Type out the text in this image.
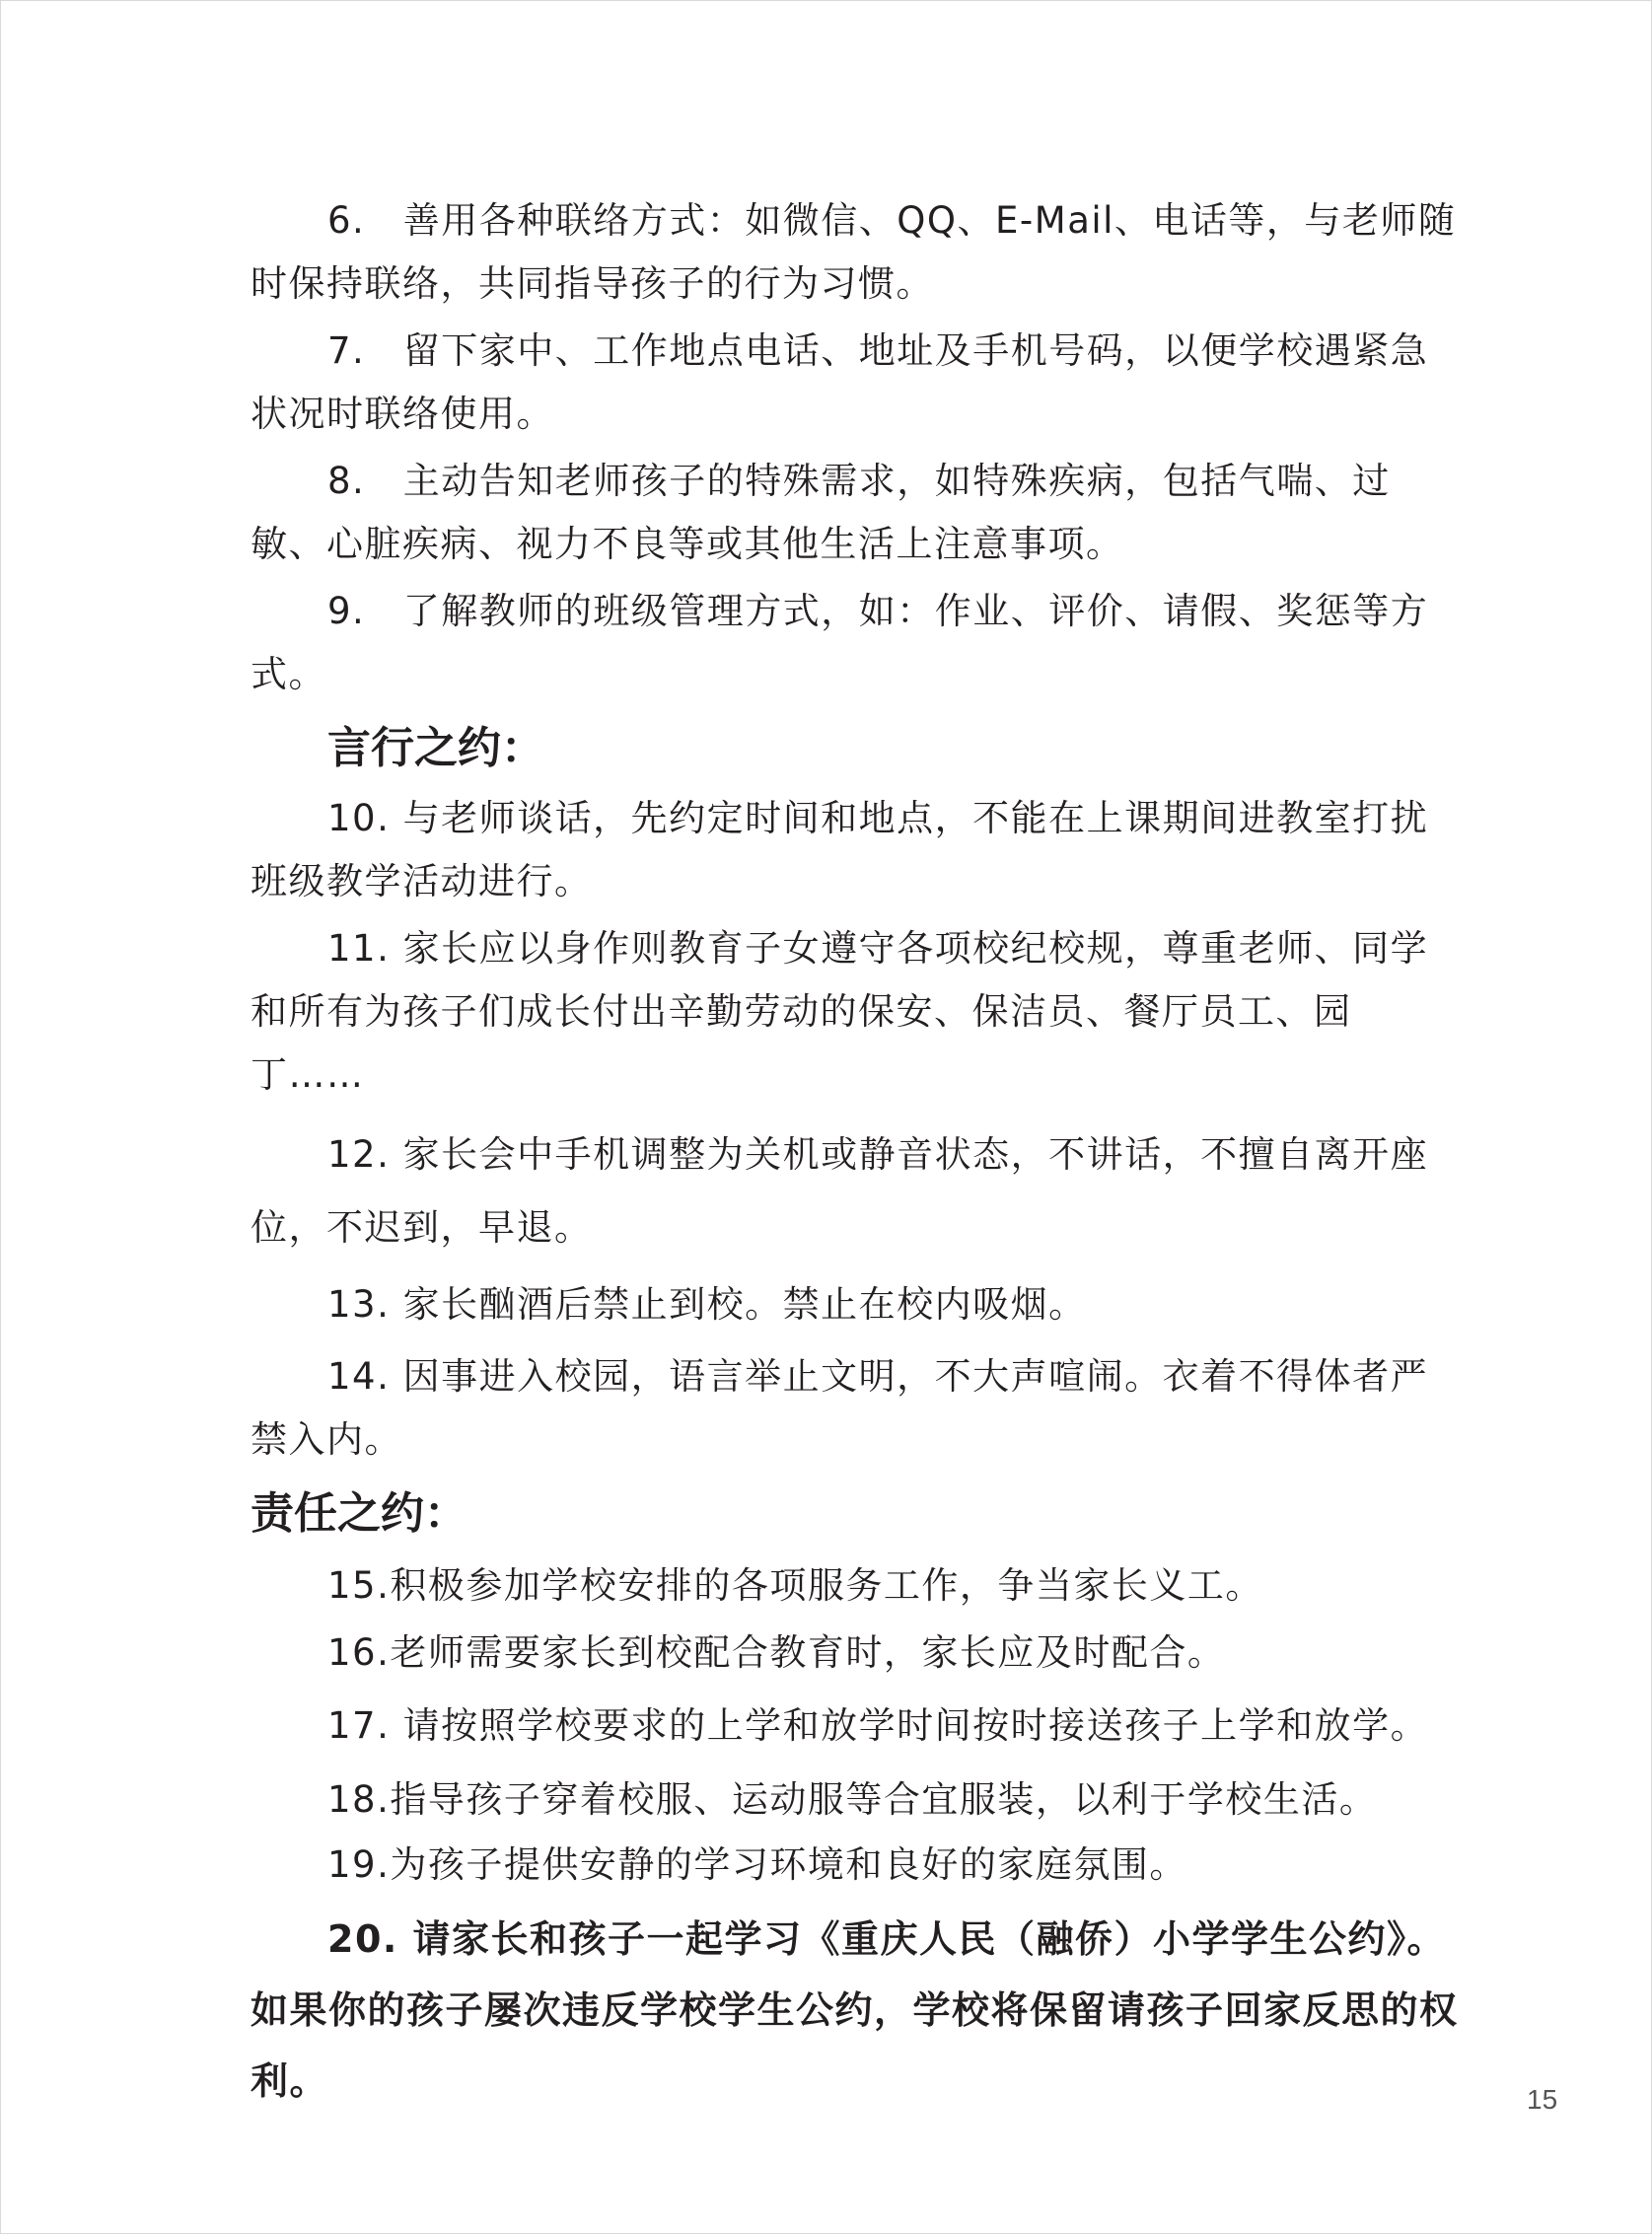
6.　善用各种联络方式：如微信、QQ、E-Mail、电话等，与老师随时保持联络，共同指导孩子的行为习惯。

7.　留下家中、工作地点电话、地址及手机号码，以便学校遇紧急状况时联络使用。

8.　主动告知老师孩子的特殊需求，如特殊疾病，包括气喘、过敏、心脏疾病、视力不良等或其他生活上注意事项。

9.　了解教师的班级管理方式，如：作业、评价、请假、奖惩等方式。

言行之约：

10. 与老师谈话，先约定时间和地点，不能在上课期间进教室打扰班级教学活动进行。

11. 家长应以身作则教育子女遵守各项校纪校规，尊重老师、同学和所有为孩子们成长付出辛勤劳动的保安、保洁员、餐厅员工、园丁……

12. 家长会中手机调整为关机或静音状态，不讲话，不擅自离开座位，不迟到，早退。

13. 家长酗酒后禁止到校。禁止在校内吸烟。

14. 因事进入校园，语言举止文明，不大声喧闹。衣着不得体者严禁入内。

责任之约：

15.积极参加学校安排的各项服务工作，争当家长义工。

16.老师需要家长到校配合教育时，家长应及时配合。

17. 请按照学校要求的上学和放学时间按时接送孩子上学和放学。

18.指导孩子穿着校服、运动服等合宜服装，以利于学校生活。

19.为孩子提供安静的学习环境和良好的家庭氛围。

20. 请家长和孩子一起学习《重庆人民（融侨）小学学生公约》。如果你的孩子屡次违反学校学生公约，学校将保留请孩子回家反思的权利。	15
